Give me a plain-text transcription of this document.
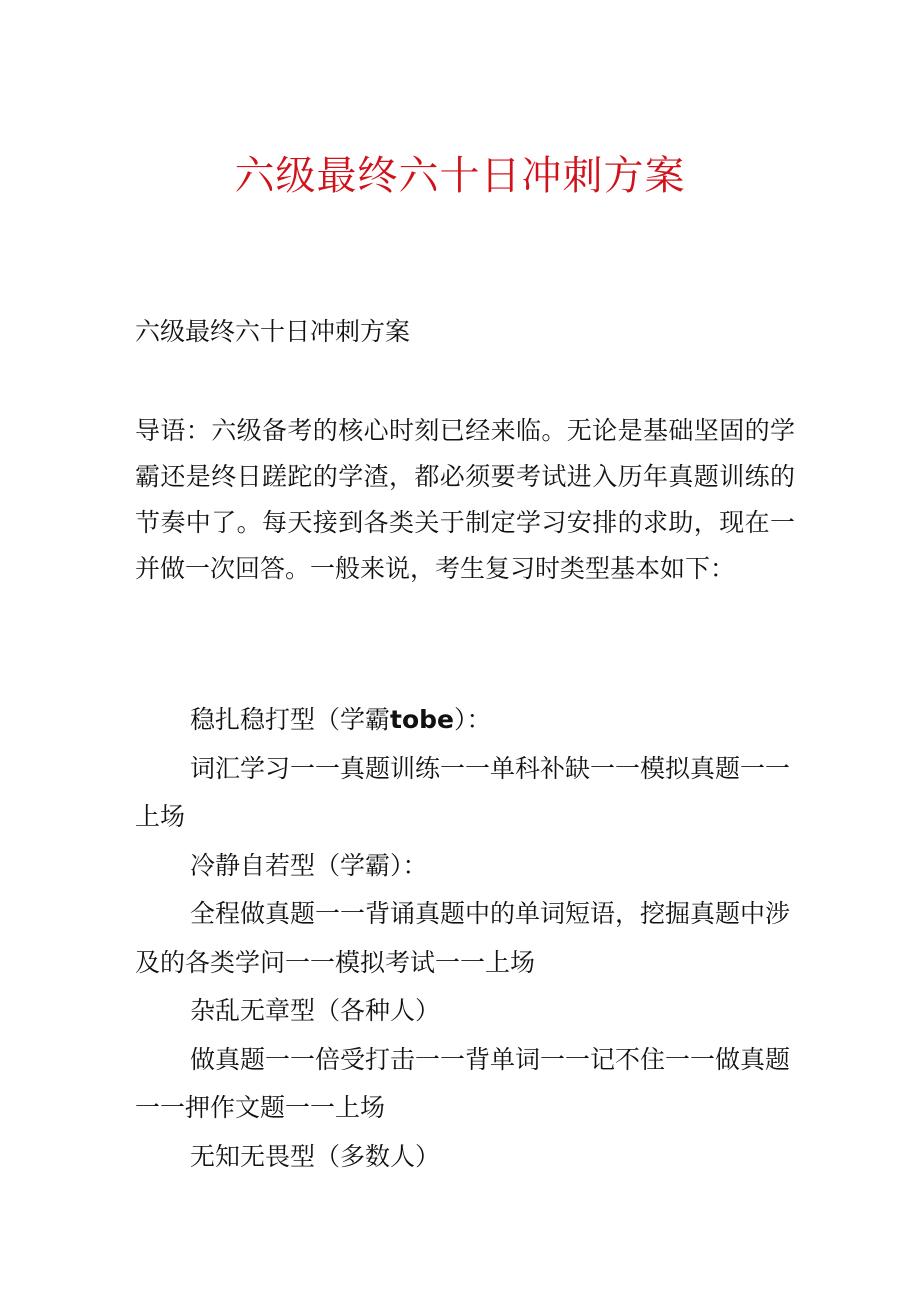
六级最终六十日冲刺方案

六级最终六十日冲刺方案

导语：六级备考的核心时刻已经来临。无论是基础坚固的学霸还是终日蹉跎的学渣，都必须要考试进入历年真题训练的节奏中了。每天接到各类关于制定学习安排的求助，现在一并做一次回答。一般来说，考生复习时类型基本如下：

稳扎稳打型（学霸tobe）：

词汇学习一一真题训练一一单科补缺一一模拟真题一一上场

冷静自若型（学霸）：

全程做真题一一背诵真题中的单词短语，挖掘真题中涉及的各类学问一一模拟考试一一上场

杂乱无章型（各种人）

做真题一一倍受打击一一背单词一一记不住一一做真题一一押作文题一一上场

无知无畏型（多数人）
